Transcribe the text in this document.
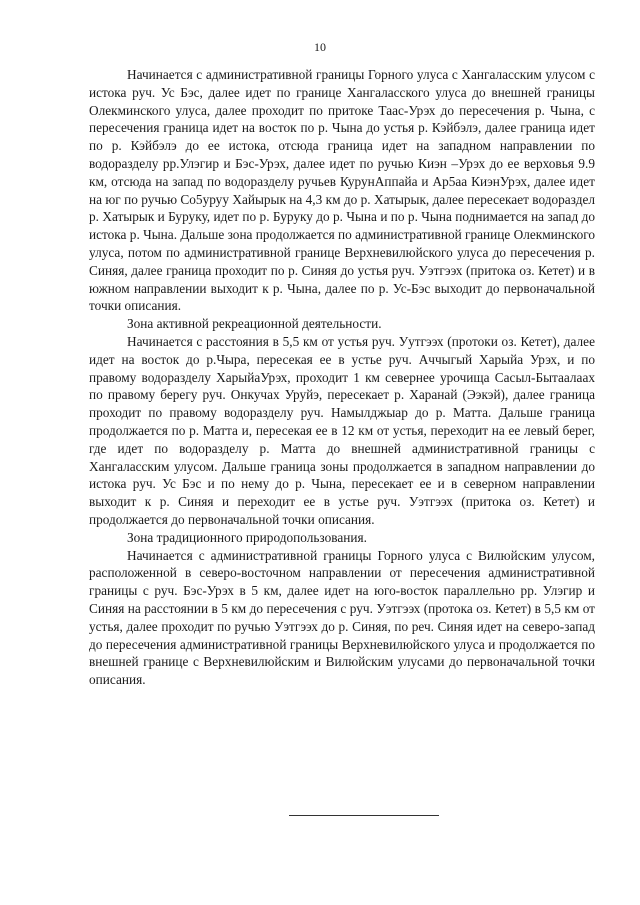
10

Начинается с административной границы Горного улуса с Хангаласским улусом с истока руч. Ус Бэс, далее идет по границе Хангаласского улуса до внешней границы Олекминского улуса, далее проходит по притоке Таас-Урэх до пересечения р. Чына, с пересечения граница идет на восток по р. Чына до устья р. Кэйбэлэ, далее граница идет по р. Кэйбэлэ до ее истока, отсюда граница идет на западном направлении по водоразделу рр.Улэгир и Бэс-Урэх, далее идет по ручью Киэн –Урэх до ее верховья 9.9 км, отсюда на запад по водоразделу ручьев КурунАппайа и Ар5аа КиэнУрэх, далее идет на юг по ручью Со5уруу Хайырык на 4,3 км до р. Хатырык, далее пересекает водораздел р. Хатырык и Буруку, идет по р. Буруку до р. Чына и по р. Чына поднимается на запад до истока р. Чына. Дальше зона продолжается по административной границе Олекминского улуса, потом по административной границе Верхневилюйского улуса до пересечения р. Синяя, далее граница проходит по р. Синяя до устья руч. Уэтгээх (притока оз. Кетет) и в южном направлении выходит к р. Чына, далее по р. Ус-Бэс выходит до первоначальной точки описания.

Зона активной рекреационной деятельности.

Начинается с расстояния в 5,5 км от устья руч. Уутгээх (протоки оз. Кетет), далее идет на восток до р.Чыра, пересекая ее в устье руч. Аччыгый Харыйа Урэх, и по правому водоразделу ХарыйаУрэх, проходит 1 км севернее урочища Сасыл-Бытаалаах по правому берегу руч. Онкучах Уруйэ, пересекает р. Харанай (Ээкэй), далее граница проходит по правому водоразделу руч. Намылджыар до р. Матта. Дальше граница продолжается по р. Матта и, пересекая ее в 12 км от устья, переходит на ее левый берег, где идет по водоразделу р. Матта до внешней административной границы с Хангаласским улусом. Дальше граница зоны продолжается в западном направлении до истока руч. Ус Бэс и по нему до р. Чына, пересекает ее и в северном направлении выходит к р. Синяя и переходит ее в устье руч. Уэтгээх (притока оз. Кетет) и продолжается до первоначальной точки описания.

Зона традиционного природопользования.

Начинается с административной границы Горного улуса с Вилюйским улусом, расположенной в северо-восточном направлении от пересечения административной границы с руч. Бэс-Урэх в 5 км, далее идет на юго-восток параллельно рр. Улэгир и Синяя на расстоянии в 5 км до пересечения с руч. Уэтгээх (протока оз. Кетет) в 5,5 км от устья, далее проходит по ручью Уэтгээх до р. Синяя, по реч. Синяя идет на северо-запад до пересечения административной границы Верхневилюйского улуса и продолжается по внешней границе с Верхневилюйским и Вилюйским улусами до первоначальной точки описания.
